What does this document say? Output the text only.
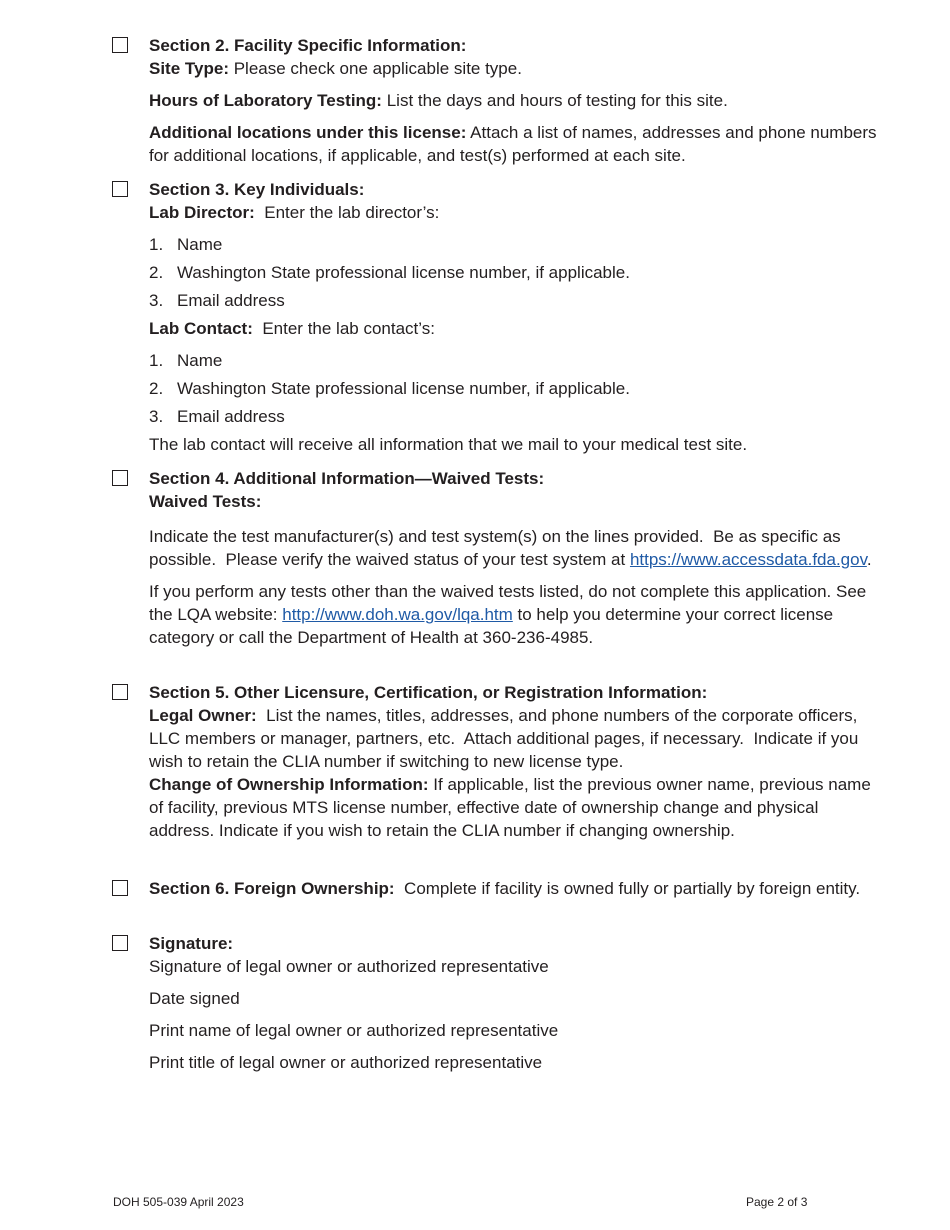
Section 2. Facility Specific Information:

Site Type: Please check one applicable site type.

Hours of Laboratory Testing: List the days and hours of testing for this site.

Additional locations under this license: Attach a list of names, addresses and phone numbers for additional locations, if applicable, and test(s) performed at each site.

Section 3. Key Individuals:

Lab Director:  Enter the lab director’s:

1. Name
2. Washington State professional license number, if applicable.
3. Email address

Lab Contact:  Enter the lab contact’s:

1. Name
2. Washington State professional license number, if applicable.
3. Email address

The lab contact will receive all information that we mail to your medical test site.

Section 4. Additional Information—Waived Tests:

Waived Tests:

Indicate the test manufacturer(s) and test system(s) on the lines provided.  Be as specific as possible.  Please verify the waived status of your test system at https://www.accessdata.fda.gov.

If you perform any tests other than the waived tests listed, do not complete this application. See the LQA website: http://www.doh.wa.gov/lqa.htm to help you determine your correct license category or call the Department of Health at 360-236-4985.

Section 5. Other Licensure, Certification, or Registration Information:

Legal Owner:  List the names, titles, addresses, and phone numbers of the corporate officers, LLC members or manager, partners, etc.  Attach additional pages, if necessary.  Indicate if you wish to retain the CLIA number if switching to new license type.

Change of Ownership Information: If applicable, list the previous owner name, previous name of facility, previous MTS license number, effective date of ownership change and physical address. Indicate if you wish to retain the CLIA number if changing ownership.

Section 6. Foreign Ownership:  Complete if facility is owned fully or partially by foreign entity.

Signature:

Signature of legal owner or authorized representative

Date signed

Print name of legal owner or authorized representative

Print title of legal owner or authorized representative

DOH 505-039 April 2023	Page 2 of 3
